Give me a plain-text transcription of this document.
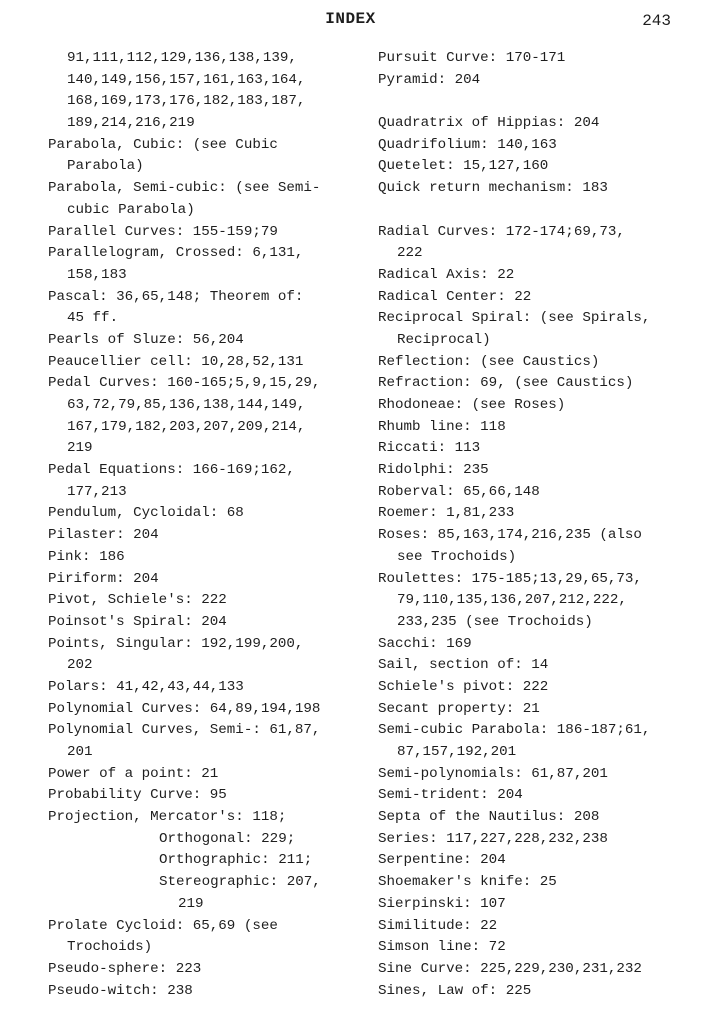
INDEX	243
91,111,112,129,136,138,139,
140,149,156,157,161,163,164,
168,169,173,176,182,183,187,
189,214,216,219
Parabola, Cubic: (see Cubic
Parabola)
Parabola, Semi-cubic: (see Semi-
cubic Parabola)
Parallel Curves: 155-159;79
Parallelogram, Crossed: 6,131,
158,183
Pascal: 36,65,148; Theorem of:
45 ff.
Pearls of Sluze: 56,204
Peaucellier cell: 10,28,52,131
Pedal Curves: 160-165;5,9,15,29,
63,72,79,85,136,138,144,149,
167,179,182,203,207,209,214,
219
Pedal Equations: 166-169;162,
177,213
Pendulum, Cycloidal: 68
Pilaster: 204
Pink: 186
Piriform: 204
Pivot, Schiele's: 222
Poinsot's Spiral: 204
Points, Singular: 192,199,200,
202
Polars: 41,42,43,44,133
Polynomial Curves: 64,89,194,198
Polynomial Curves, Semi-: 61,87,
201
Power of a point: 21
Probability Curve: 95
Projection, Mercator's: 118;
Orthogonal: 229;
Orthographic: 211;
Stereographic: 207,
219
Prolate Cycloid: 65,69 (see
Trochoids)
Pseudo-sphere: 223
Pseudo-witch: 238
Pursuit Curve: 170-171
Pyramid: 204
Quadratrix of Hippias: 204
Quadrifolium: 140,163
Quetelet: 15,127,160
Quick return mechanism: 183
Radial Curves: 172-174;69,73,
222
Radical Axis: 22
Radical Center: 22
Reciprocal Spiral: (see Spirals,
Reciprocal)
Reflection: (see Caustics)
Refraction: 69, (see Caustics)
Rhodoneae: (see Roses)
Rhumb line: 118
Riccati: 113
Ridolphi: 235
Roberval: 65,66,148
Roemer: 1,81,233
Roses: 85,163,174,216,235 (also
see Trochoids)
Roulettes: 175-185;13,29,65,73,
79,110,135,136,207,212,222,
233,235 (see Trochoids)
Sacchi: 169
Sail, section of: 14
Schiele's pivot: 222
Secant property: 21
Semi-cubic Parabola: 186-187;61,
87,157,192,201
Semi-polynomials: 61,87,201
Semi-trident: 204
Septa of the Nautilus: 208
Series: 117,227,228,232,238
Serpentine: 204
Shoemaker's knife: 25
Sierpinski: 107
Similitude: 22
Simson line: 72
Sine Curve: 225,229,230,231,232
Sines, Law of: 225
